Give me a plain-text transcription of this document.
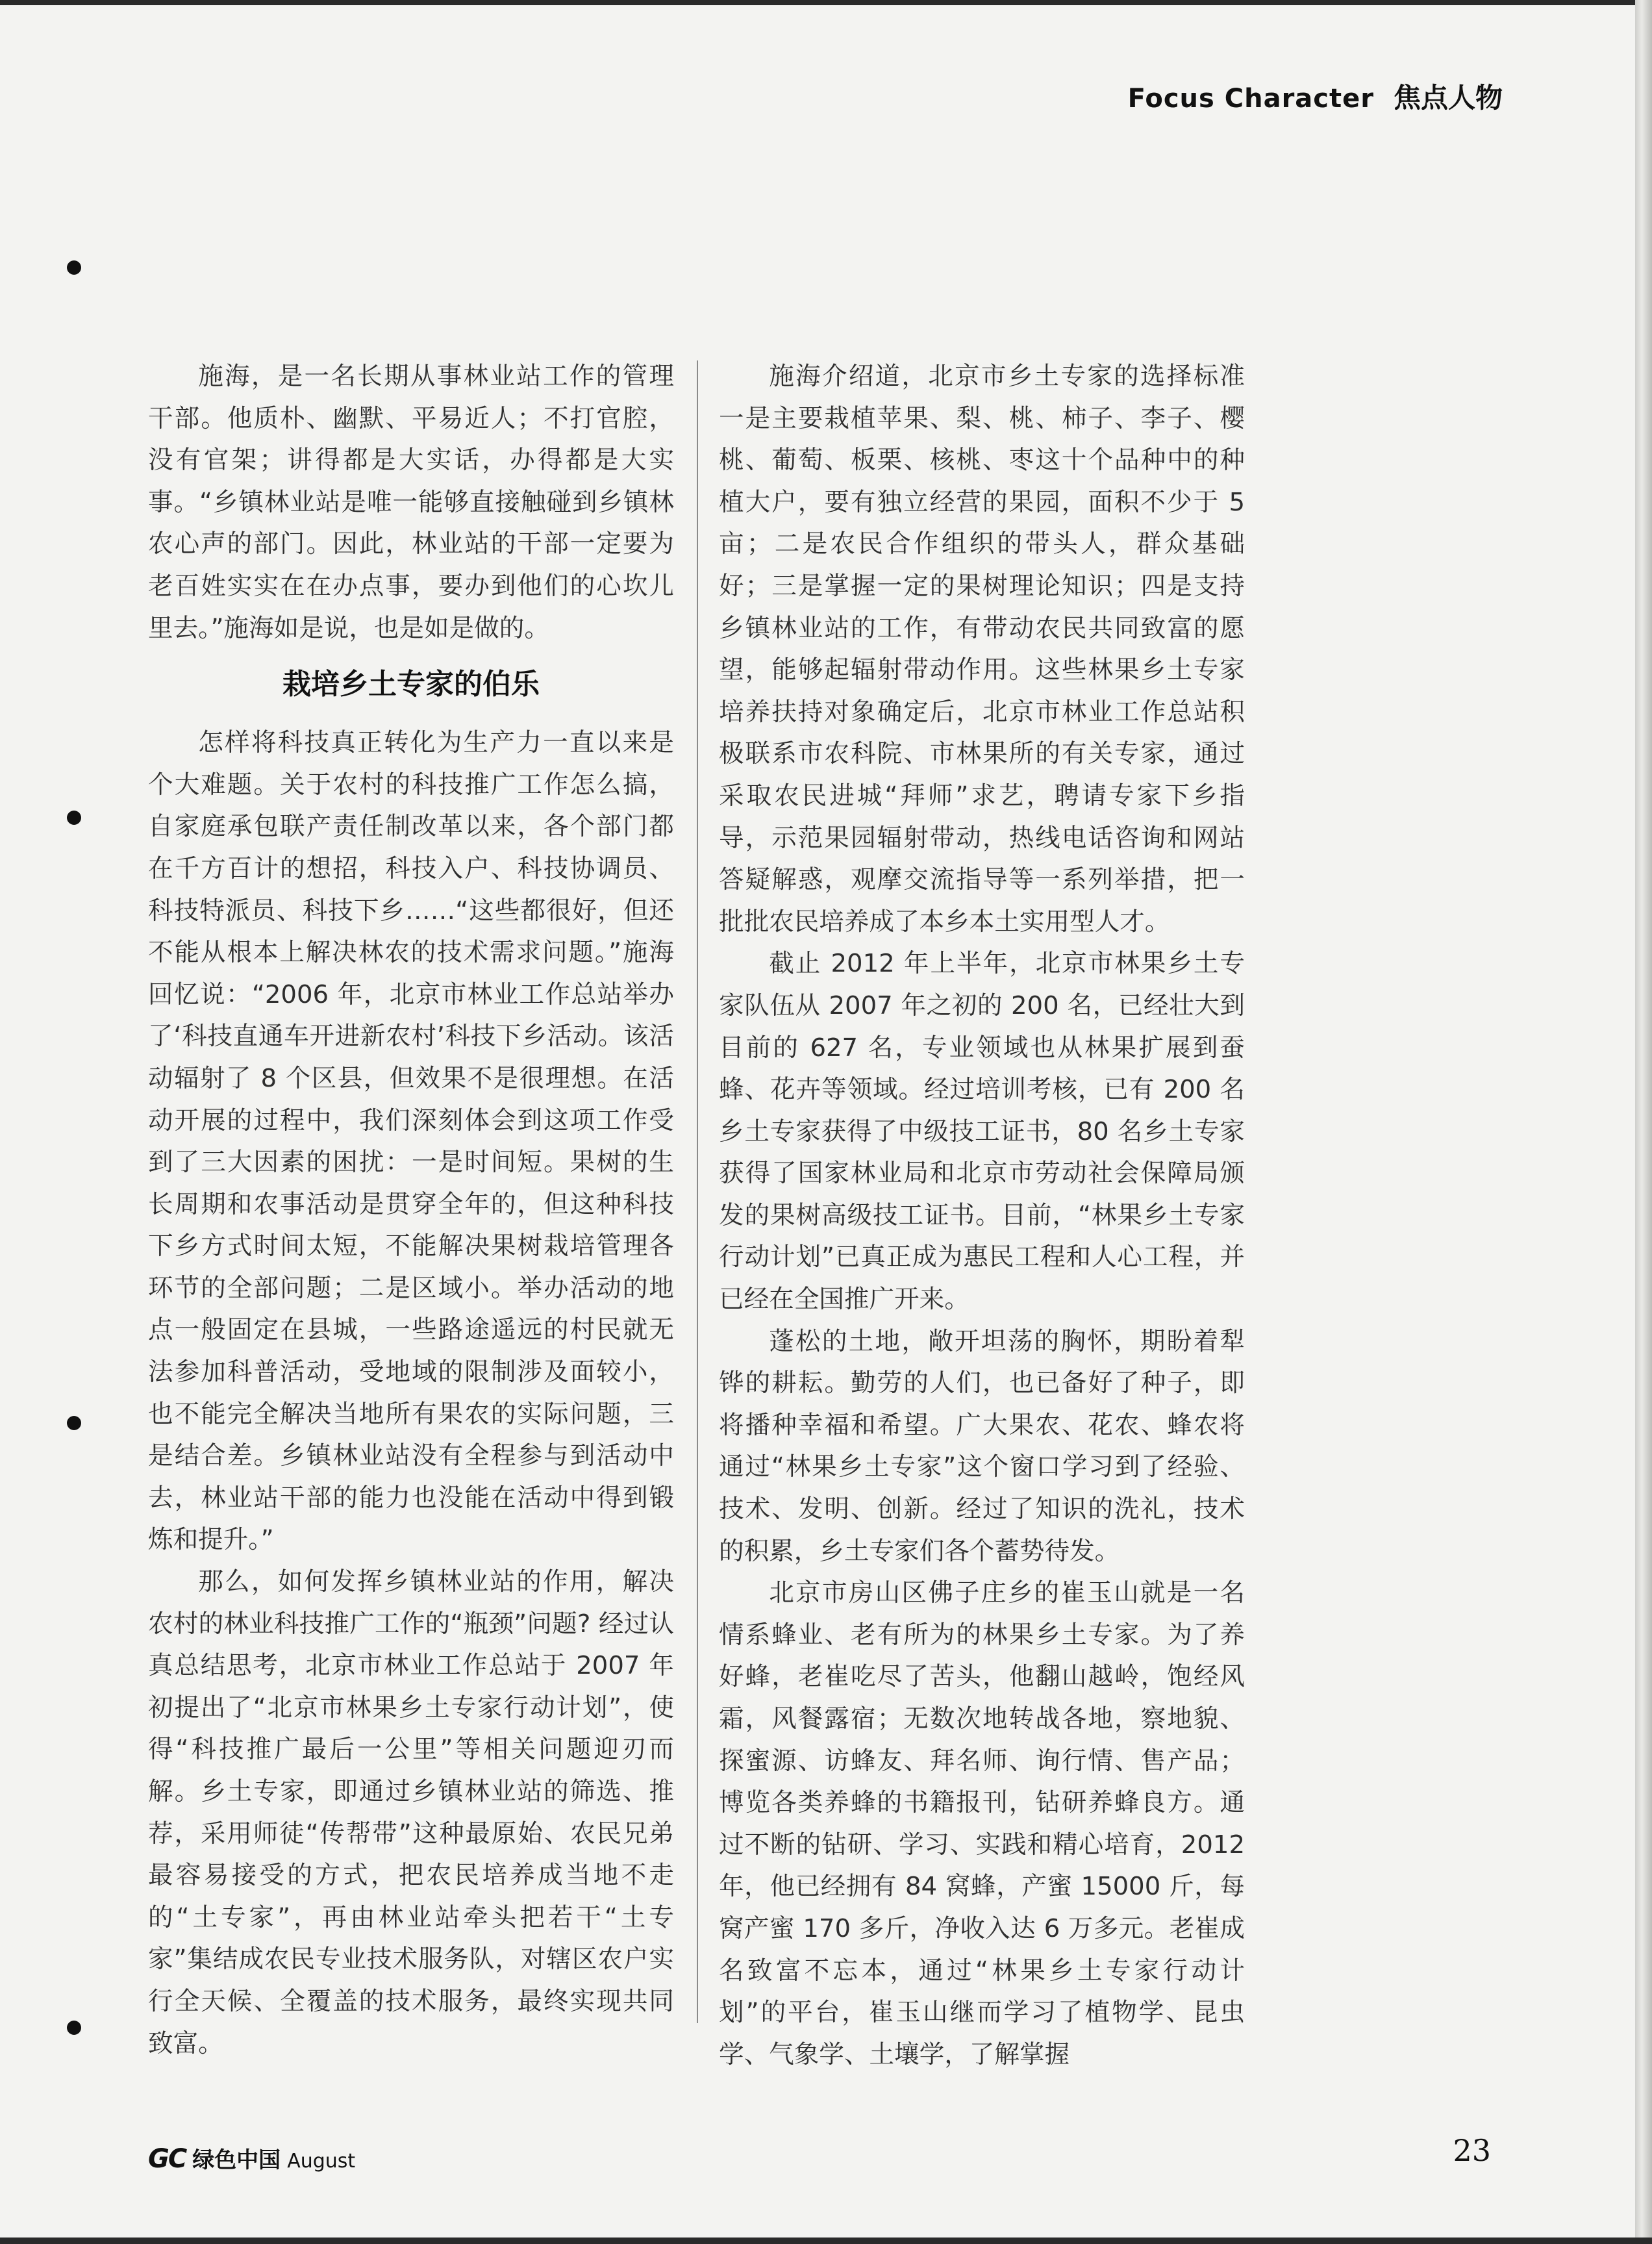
Focus Character 焦点人物

施海，是一名长期从事林业站工作的管理干部。他质朴、幽默、平易近人；不打官腔，没有官架；讲得都是大实话，办得都是大实事。“乡镇林业站是唯一能够直接触碰到乡镇林农心声的部门。因此，林业站的干部一定要为老百姓实实在在办点事，要办到他们的心坎儿里去。”施海如是说，也是如是做的。

栽培乡土专家的伯乐

怎样将科技真正转化为生产力一直以来是个大难题。关于农村的科技推广工作怎么搞，自家庭承包联产责任制改革以来，各个部门都在千方百计的想招，科技入户、科技协调员、科技特派员、科技下乡……“这些都很好，但还不能从根本上解决林农的技术需求问题。”施海回忆说：“2006 年，北京市林业工作总站举办了‘科技直通车开进新农村’科技下乡活动。该活动辐射了 8 个区县，但效果不是很理想。在活动开展的过程中，我们深刻体会到这项工作受到了三大因素的困扰：一是时间短。果树的生长周期和农事活动是贯穿全年的，但这种科技下乡方式时间太短，不能解决果树栽培管理各环节的全部问题；二是区域小。举办活动的地点一般固定在县城，一些路途遥远的村民就无法参加科普活动，受地域的限制涉及面较小，也不能完全解决当地所有果农的实际问题，三是结合差。乡镇林业站没有全程参与到活动中去，林业站干部的能力也没能在活动中得到锻炼和提升。”

那么，如何发挥乡镇林业站的作用，解决农村的林业科技推广工作的“瓶颈”问题? 经过认真总结思考，北京市林业工作总站于 2007 年初提出了“北京市林果乡土专家行动计划”，使得“科技推广最后一公里”等相关问题迎刃而解。乡土专家，即通过乡镇林业站的筛选、推荐，采用师徒“传帮带”这种最原始、农民兄弟最容易接受的方式，把农民培养成当地不走的“土专家”，再由林业站牵头把若干“土专家”集结成农民专业技术服务队，对辖区农户实行全天候、全覆盖的技术服务，最终实现共同致富。

施海介绍道，北京市乡土专家的选择标准一是主要栽植苹果、梨、桃、柿子、李子、樱桃、葡萄、板栗、核桃、枣这十个品种中的种植大户，要有独立经营的果园，面积不少于 5 亩；二是农民合作组织的带头人，群众基础好；三是掌握一定的果树理论知识；四是支持乡镇林业站的工作，有带动农民共同致富的愿望，能够起辐射带动作用。这些林果乡土专家培养扶持对象确定后，北京市林业工作总站积极联系市农科院、市林果所的有关专家，通过采取农民进城“拜师”求艺，聘请专家下乡指导，示范果园辐射带动，热线电话咨询和网站答疑解惑，观摩交流指导等一系列举措，把一批批农民培养成了本乡本土实用型人才。

截止 2012 年上半年，北京市林果乡土专家队伍从 2007 年之初的 200 名，已经壮大到目前的 627 名，专业领域也从林果扩展到蚕蜂、花卉等领域。经过培训考核，已有 200 名乡土专家获得了中级技工证书，80 名乡土专家获得了国家林业局和北京市劳动社会保障局颁发的果树高级技工证书。目前，“林果乡土专家行动计划”已真正成为惠民工程和人心工程，并已经在全国推广开来。

蓬松的土地，敞开坦荡的胸怀，期盼着犁铧的耕耘。勤劳的人们，也已备好了种子，即将播种幸福和希望。广大果农、花农、蜂农将通过“林果乡土专家”这个窗口学习到了经验、技术、发明、创新。经过了知识的洗礼，技术的积累，乡土专家们各个蓄势待发。

北京市房山区佛子庄乡的崔玉山就是一名情系蜂业、老有所为的林果乡土专家。为了养好蜂，老崔吃尽了苦头，他翻山越岭，饱经风霜，风餐露宿；无数次地转战各地，察地貌、探蜜源、访蜂友、拜名师、询行情、售产品；博览各类养蜂的书籍报刊，钻研养蜂良方。通过不断的钻研、学习、实践和精心培育，2012 年，他已经拥有 84 窝蜂，产蜜 15000 斤，每窝产蜜 170 多斤，净收入达 6 万多元。老崔成名致富不忘本，通过“林果乡土专家行动计划”的平台，崔玉山继而学习了植物学、昆虫学、气象学、土壤学，了解掌握

GC 绿色中国 August	23
